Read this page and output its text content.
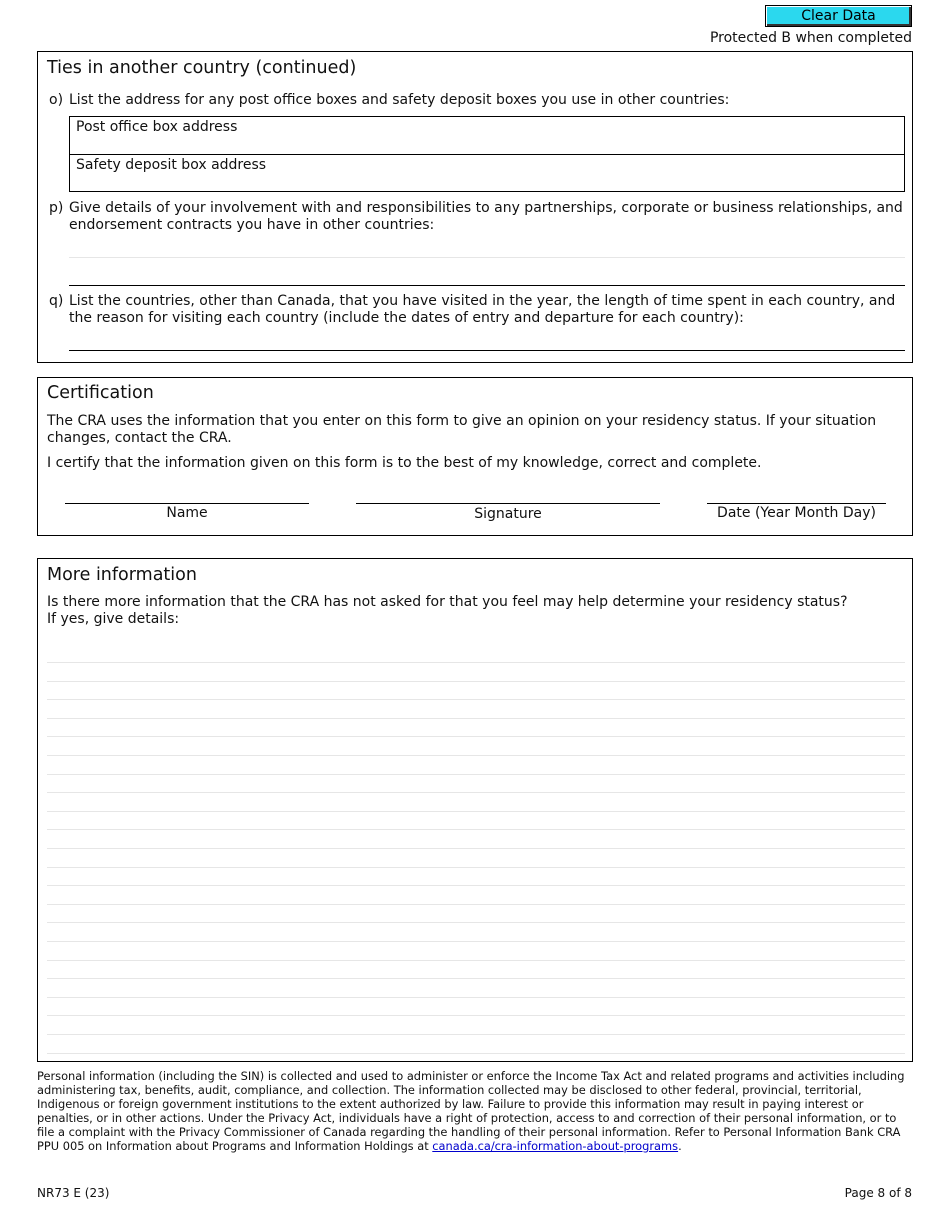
Clear Data
Protected B when completed
Ties in another country (continued)
o) List the address for any post office boxes and safety deposit boxes you use in other countries:
Post office box address
Safety deposit box address
p) Give details of your involvement with and responsibilities to any partnerships, corporate or business relationships, and endorsement contracts you have in other countries:
q) List the countries, other than Canada, that you have visited in the year, the length of time spent in each country, and the reason for visiting each country (include the dates of entry and departure for each country):
Certification
The CRA uses the information that you enter on this form to give an opinion on your residency status. If your situation changes, contact the CRA.
I certify that the information given on this form is to the best of my knowledge, correct and complete.
Name	Signature	Date (Year Month Day)
More information
Is there more information that the CRA has not asked for that you feel may help determine your residency status?
If yes, give details:
Personal information (including the SIN) is collected and used to administer or enforce the Income Tax Act and related programs and activities including administering tax, benefits, audit, compliance, and collection. The information collected may be disclosed to other federal, provincial, territorial, Indigenous or foreign government institutions to the extent authorized by law. Failure to provide this information may result in paying interest or penalties, or in other actions. Under the Privacy Act, individuals have a right of protection, access to and correction of their personal information, or to file a complaint with the Privacy Commissioner of Canada regarding the handling of their personal information. Refer to Personal Information Bank CRA PPU 005 on Information about Programs and Information Holdings at canada.ca/cra-information-about-programs.
NR73 E (23)	Page 8 of 8
